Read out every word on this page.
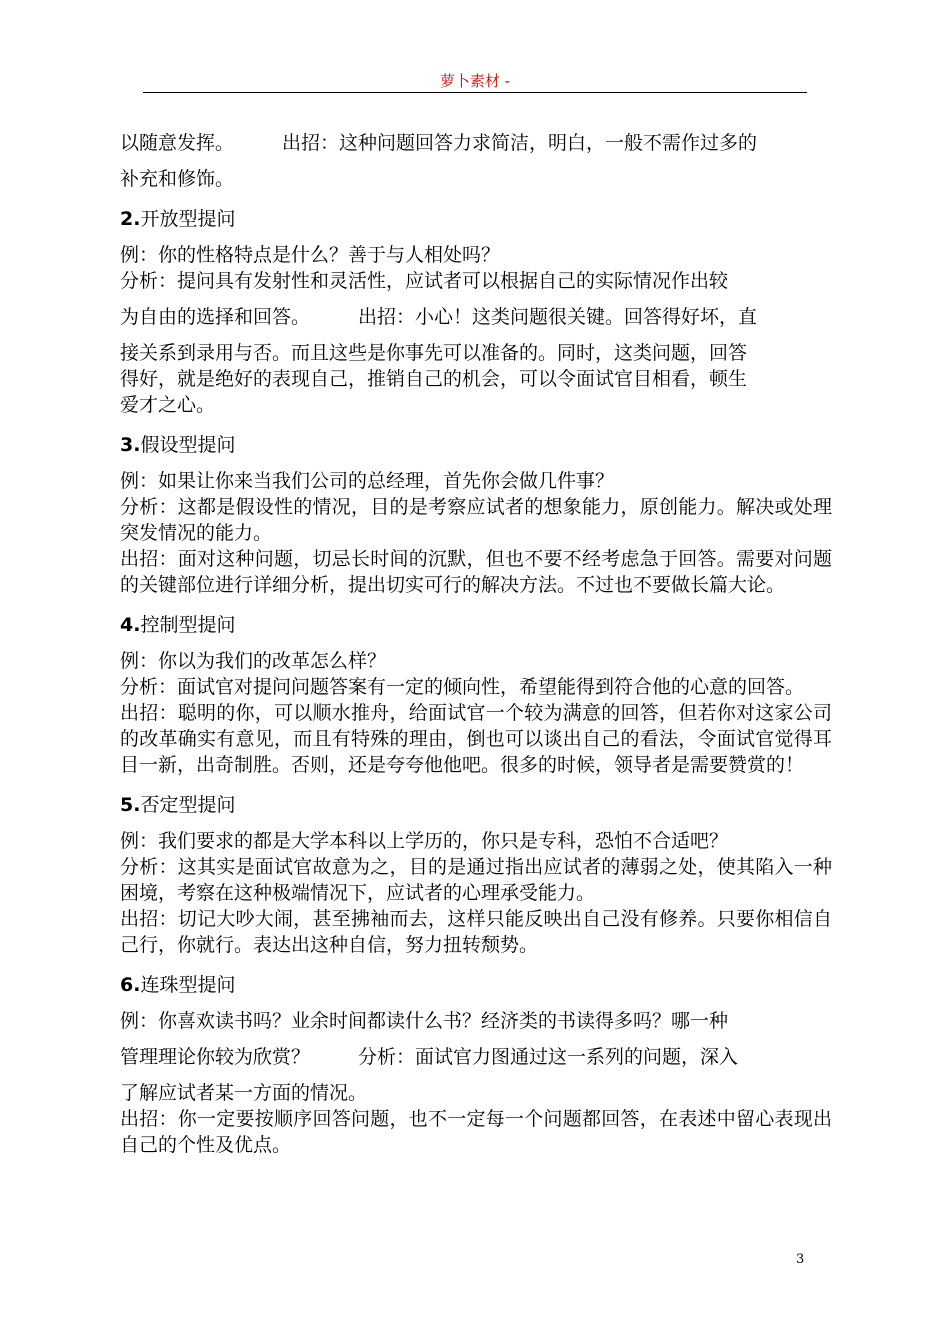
萝卜素材 -

以随意发挥。	出招：这种问题回答力求简洁，明白，一般不需作过多的

补充和修饰。

2.开放型提问

例：你的性格特点是什么？善于与人相处吗？

分析：提问具有发射性和灵活性，应试者可以根据自己的实际情况作出较

为自由的选择和回答。	出招：小心！这类问题很关键。回答得好坏，直

接关系到录用与否。而且这些是你事先可以准备的。同时，这类问题，回答

得好，就是绝好的表现自己，推销自己的机会，可以令面试官目相看，顿生

爱才之心。

3.假设型提问

例：如果让你来当我们公司的总经理，首先你会做几件事？

分析：这都是假设性的情况，目的是考察应试者的想象能力，原创能力。解决或处理突发情况的能力。

出招：面对这种问题，切忌长时间的沉默，但也不要不经考虑急于回答。需要对问题的关键部位进行详细分析，提出切实可行的解决方法。不过也不要做长篇大论。

4.控制型提问

例：你以为我们的改革怎么样？

分析：面试官对提问问题答案有一定的倾向性，希望能得到符合他的心意的回答。

出招：聪明的你，可以顺水推舟，给面试官一个较为满意的回答，但若你对这家公司的改革确实有意见，而且有特殊的理由，倒也可以谈出自己的看法，令面试官觉得耳目一新，出奇制胜。否则，还是夸夸他他吧。很多的时候，领导者是需要赞赏的！

5.否定型提问

例：我们要求的都是大学本科以上学历的，你只是专科，恐怕不合适吧？

分析：这其实是面试官故意为之，目的是通过指出应试者的薄弱之处，使其陷入一种困境，考察在这种极端情况下，应试者的心理承受能力。

出招：切记大吵大闹，甚至拂袖而去，这样只能反映出自己没有修养。只要你相信自己行，你就行。表达出这种自信，努力扭转颓势。

6.连珠型提问

例：你喜欢读书吗？业余时间都读什么书？经济类的书读得多吗？哪一种

管理理论你较为欣赏？	分析：面试官力图通过这一系列的问题，深入

了解应试者某一方面的情况。

出招：你一定要按顺序回答问题，也不一定每一个问题都回答，在表述中留心表现出自己的个性及优点。

3
